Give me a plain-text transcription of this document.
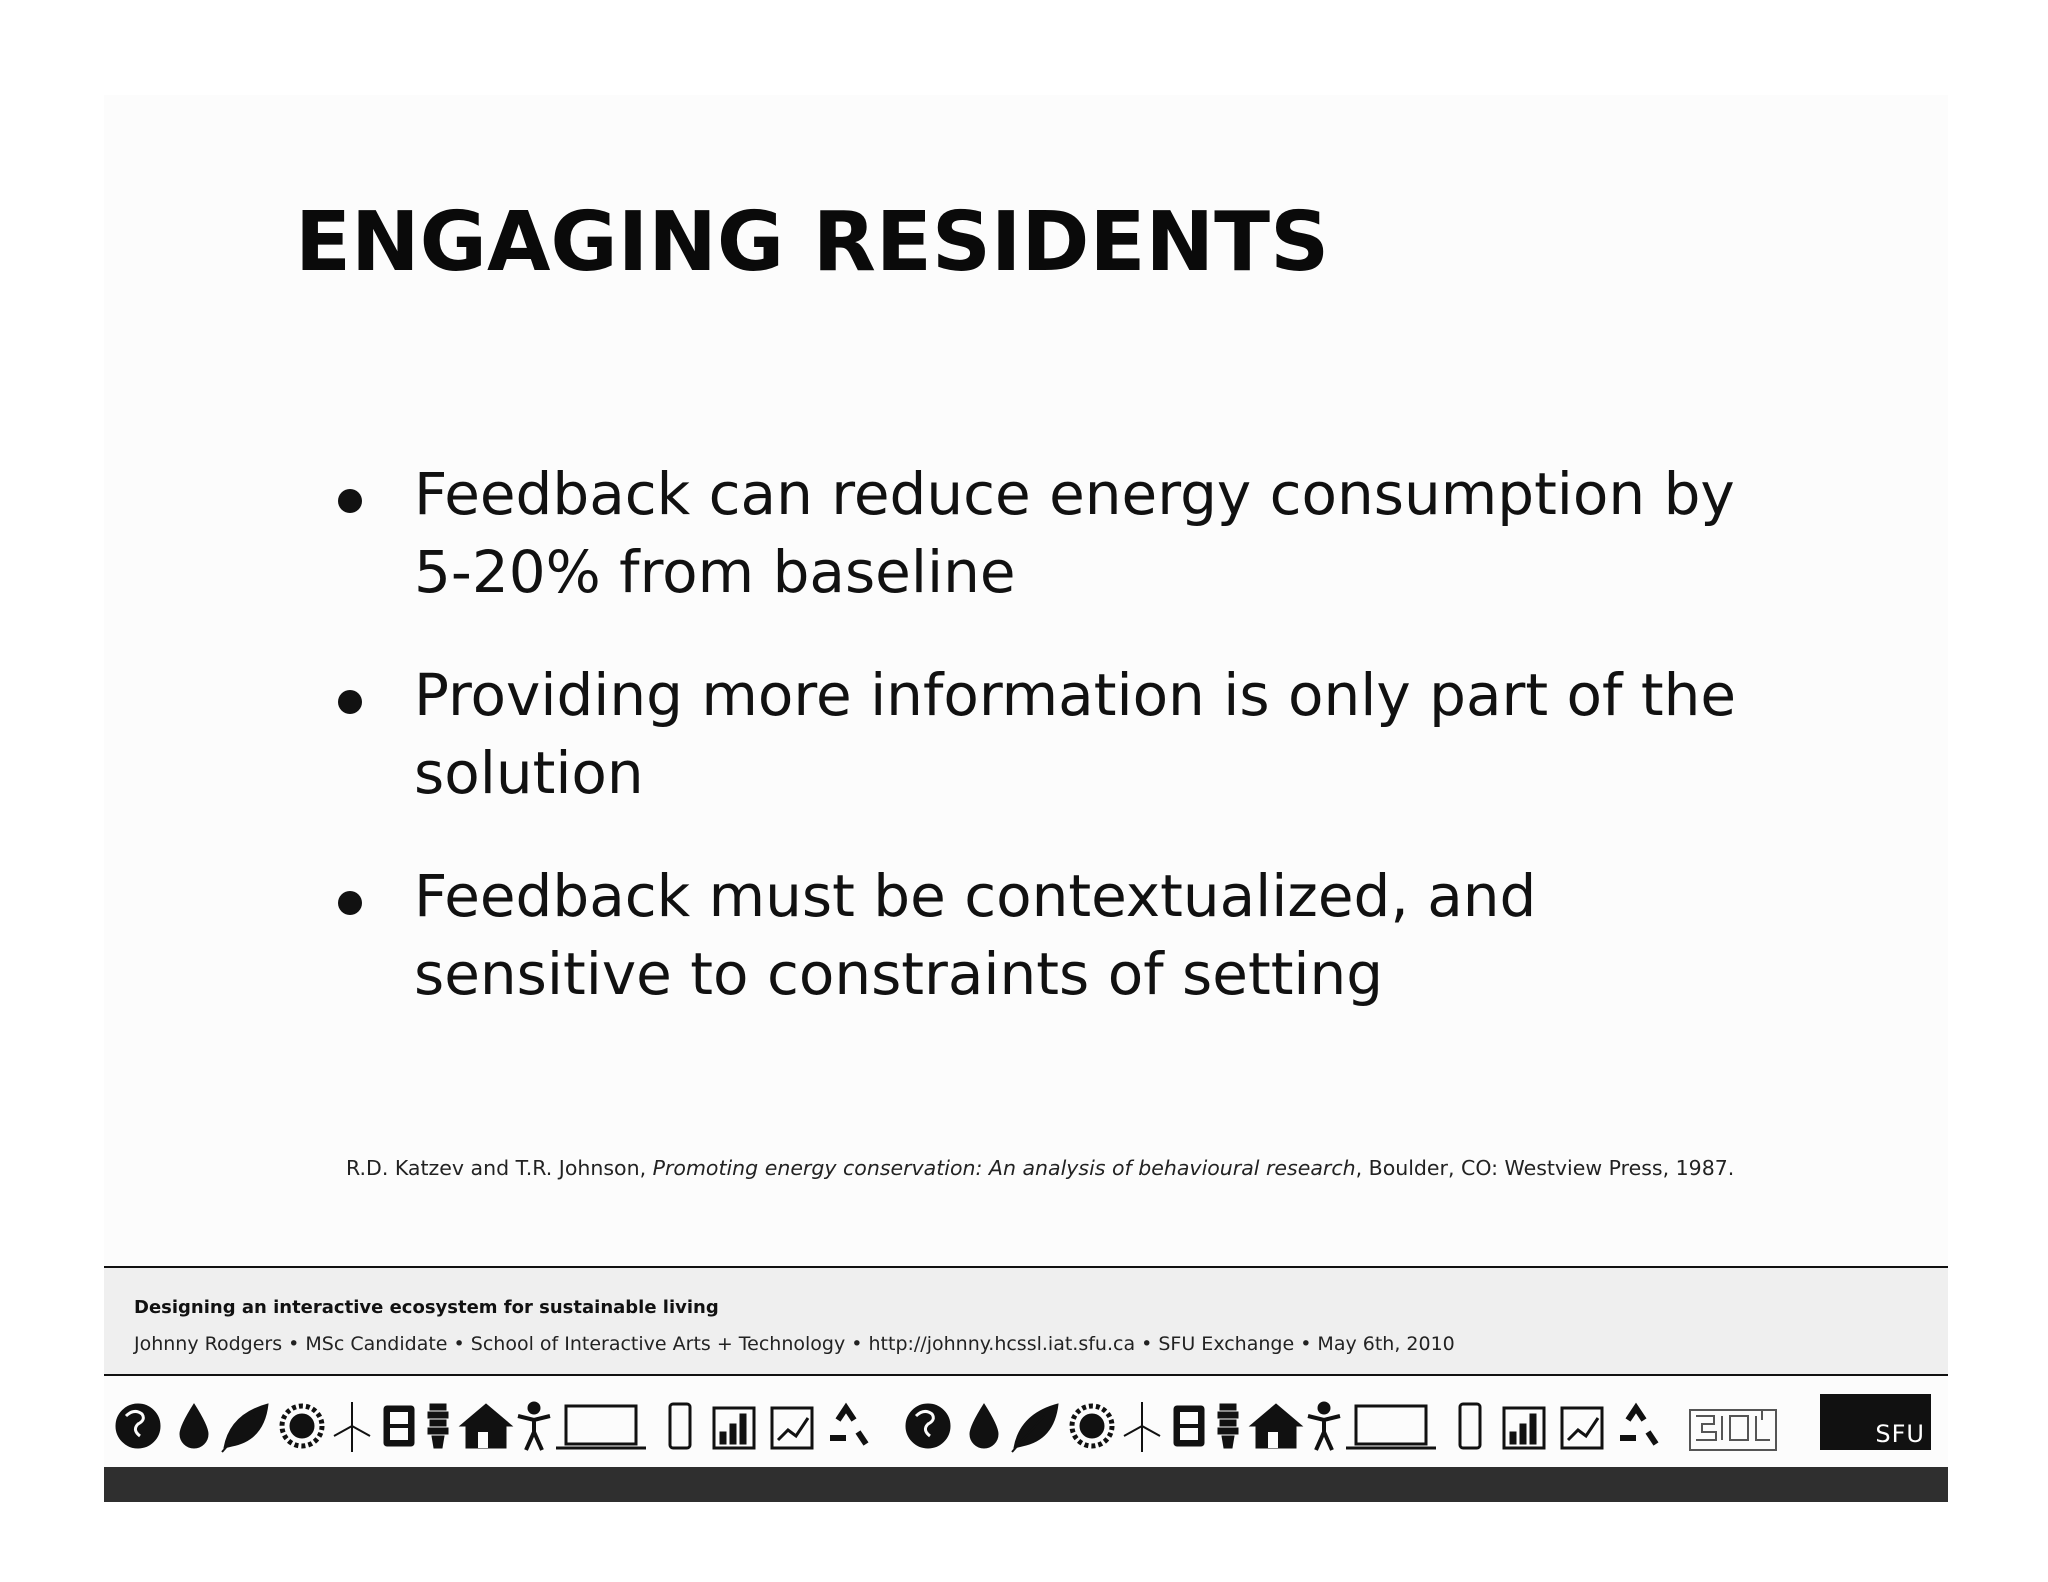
ENGAGING RESIDENTS
Feedback can reduce energy consumption by
5-20% from baseline
Providing more information is only part of the
solution
Feedback must be contextualized, and
sensitive to constraints of setting
R.D. Katzev and T.R. Johnson, Promoting energy conservation: An analysis of behavioural research, Boulder, CO: Westview Press, 1987.
Designing an interactive ecosystem for sustainable living
Johnny Rodgers • MSc Candidate • School of Interactive Arts + Technology • http://johnny.hcssl.iat.sfu.ca • SFU Exchange • May 6th, 2010
SFU
